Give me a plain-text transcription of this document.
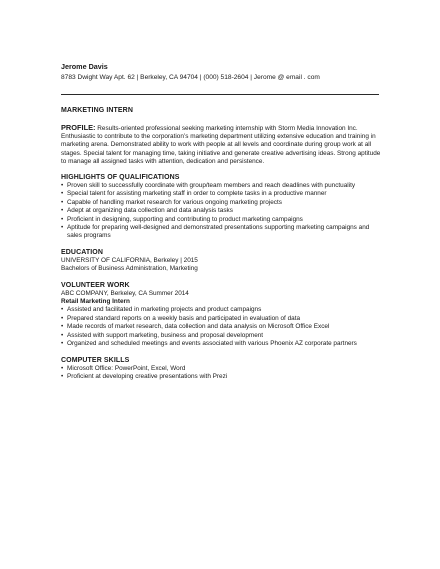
Jerome Davis
8783 Dwight Way Apt. 62 | Berkeley, CA 94704 | (000) 518-2604 | Jerome @ email . com
MARKETING INTERN
PROFILE: Results-oriented professional seeking marketing internship with Storm Media Innovation Inc. Enthusiastic to contribute to the corporation’s marketing department utilizing extensive education and training in marketing arena. Demonstrated ability to work with people at all levels and coordinate during group work at all stages. Special talent for managing time, taking initiative and generate creative advertising ideas. Strong aptitude to manage all assigned tasks with attention, dedication and persistence.
HIGHLIGHTS OF QUALIFICATIONS
• Proven skill to successfully coordinate with group/team members and reach deadlines with punctuality
• Special talent for assisting marketing staff in order to complete tasks in a productive manner
• Capable of handling market research for various ongoing marketing projects
• Adept at organizing data collection and data analysis tasks
• Proficient in designing, supporting and contributing to product marketing campaigns
• Aptitude for preparing well-designed and demonstrated presentations supporting marketing campaigns and sales programs
EDUCATION
UNIVERSITY OF CALIFORNIA, Berkeley | 2015
Bachelors of Business Administration, Marketing
VOLUNTEER WORK
ABC COMPANY, Berkeley, CA Summer 2014
Retail Marketing Intern
• Assisted and facilitated in marketing projects and product campaigns
• Prepared standard reports on a weekly basis and participated in evaluation of data
• Made records of market research, data collection and data analysis on Microsoft Office Excel
• Assisted with support marketing, business and proposal development
• Organized and scheduled meetings and events associated with various Phoenix AZ corporate partners
COMPUTER SKILLS
• Microsoft Office: PowerPoint, Excel, Word
• Proficient at developing creative presentations with Prezi
